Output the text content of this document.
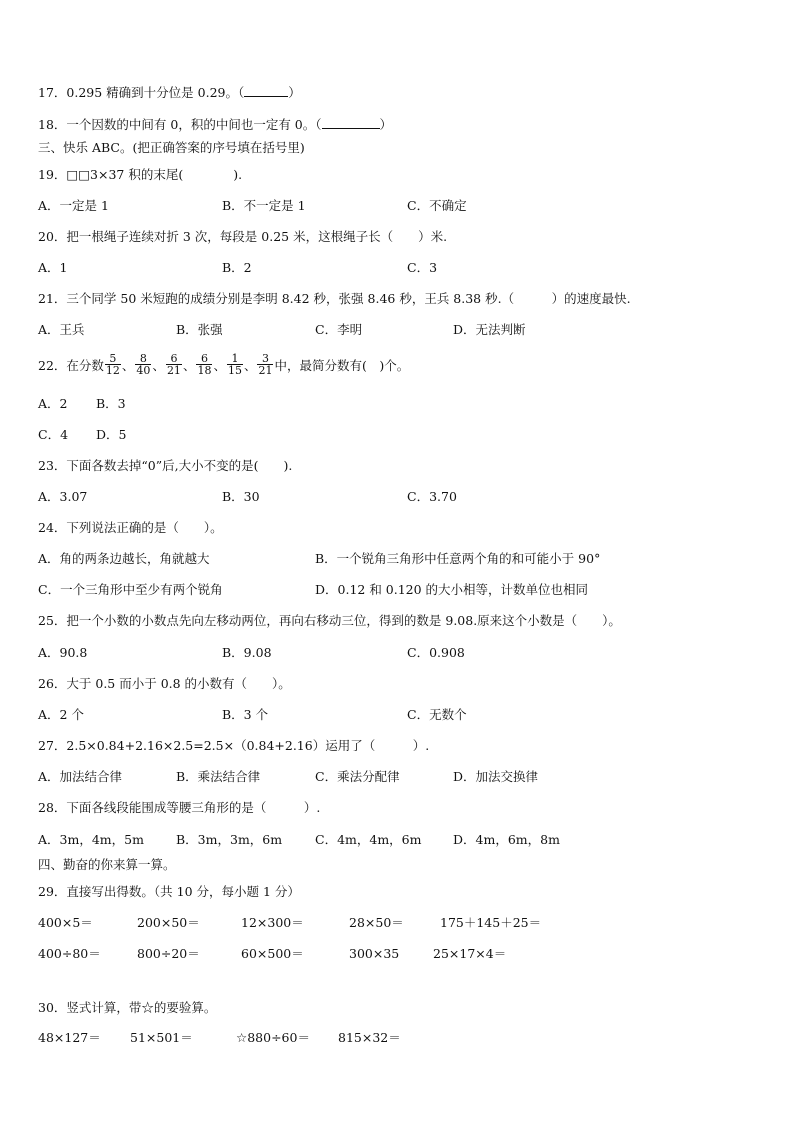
17．0.295 精确到十分位是 0.29。（	）
18．一个因数的中间有 0，积的中间也一定有 0。（	）
三、快乐 ABC。(把正确答案的序号填在括号里)
19．□□3×37 积的末尾(　　　　).
A．一定是 1	B．不一定是 1	C．不确定
20．把一根绳子连续对折 3 次，每段是 0.25 米，这根绳子长（　　）米.
A．1	B．2	C．3
21．三个同学 50 米短跑的成绩分别是李明 8.42 秒，张强 8.46 秒，王兵 8.38 秒.（　　　）的速度最快.
A．王兵	B．张强	C．李明	D．无法判断
22．在分数 $\frac{5}{12}$ 、 $\frac{8}{40}$ 、 $\frac{6}{21}$ 、 $\frac{6}{18}$ 、 $\frac{1}{15}$ 、 $\frac{3}{21}$ 中，最简分数有(　)个。
A．2 B．3
C．4 D．5
23．下面各数去掉“0”后,大小不变的是(　　).
A．3.07	B．30	C．3.70
24．下列说法正确的是（　　）。
A．角的两条边越长，角就越大	B．一个锐角三角形中任意两个角的和可能小于 90°
C．一个三角形中至少有两个锐角	D．0.12 和 0.120 的大小相等，计数单位也相同
25．把一个小数的小数点先向左移动两位，再向右移动三位，得到的数是 9.08.原来这个小数是（　　）。
A．90.8	B．9.08	C．0.908
26．大于 0.5 而小于 0.8 的小数有（　　）。
A．2 个	B．3 个	C．无数个
27．2.5×0.84+2.16×2.5=2.5×（0.84+2.16）运用了（　　　）.
A．加法结合律	B．乘法结合律	C．乘法分配律	D．加法交换律
28．下面各线段能围成等腰三角形的是（　　　）.
A．3m，4m，5m	B．3m，3m，6m	C．4m，4m，6m	D．4m，6m，8m
四、勤奋的你来算一算。
29．直接写出得数。（共 10 分，每小题 1 分）
400×5＝	200×50＝	12×300＝	28×50＝	175＋145＋25＝
400÷80＝	800÷20＝	60×500＝	300×35	25×17×4＝
30．竖式计算，带☆的要验算。
48×127＝ 51×501＝	☆880÷60＝ 815×32＝
